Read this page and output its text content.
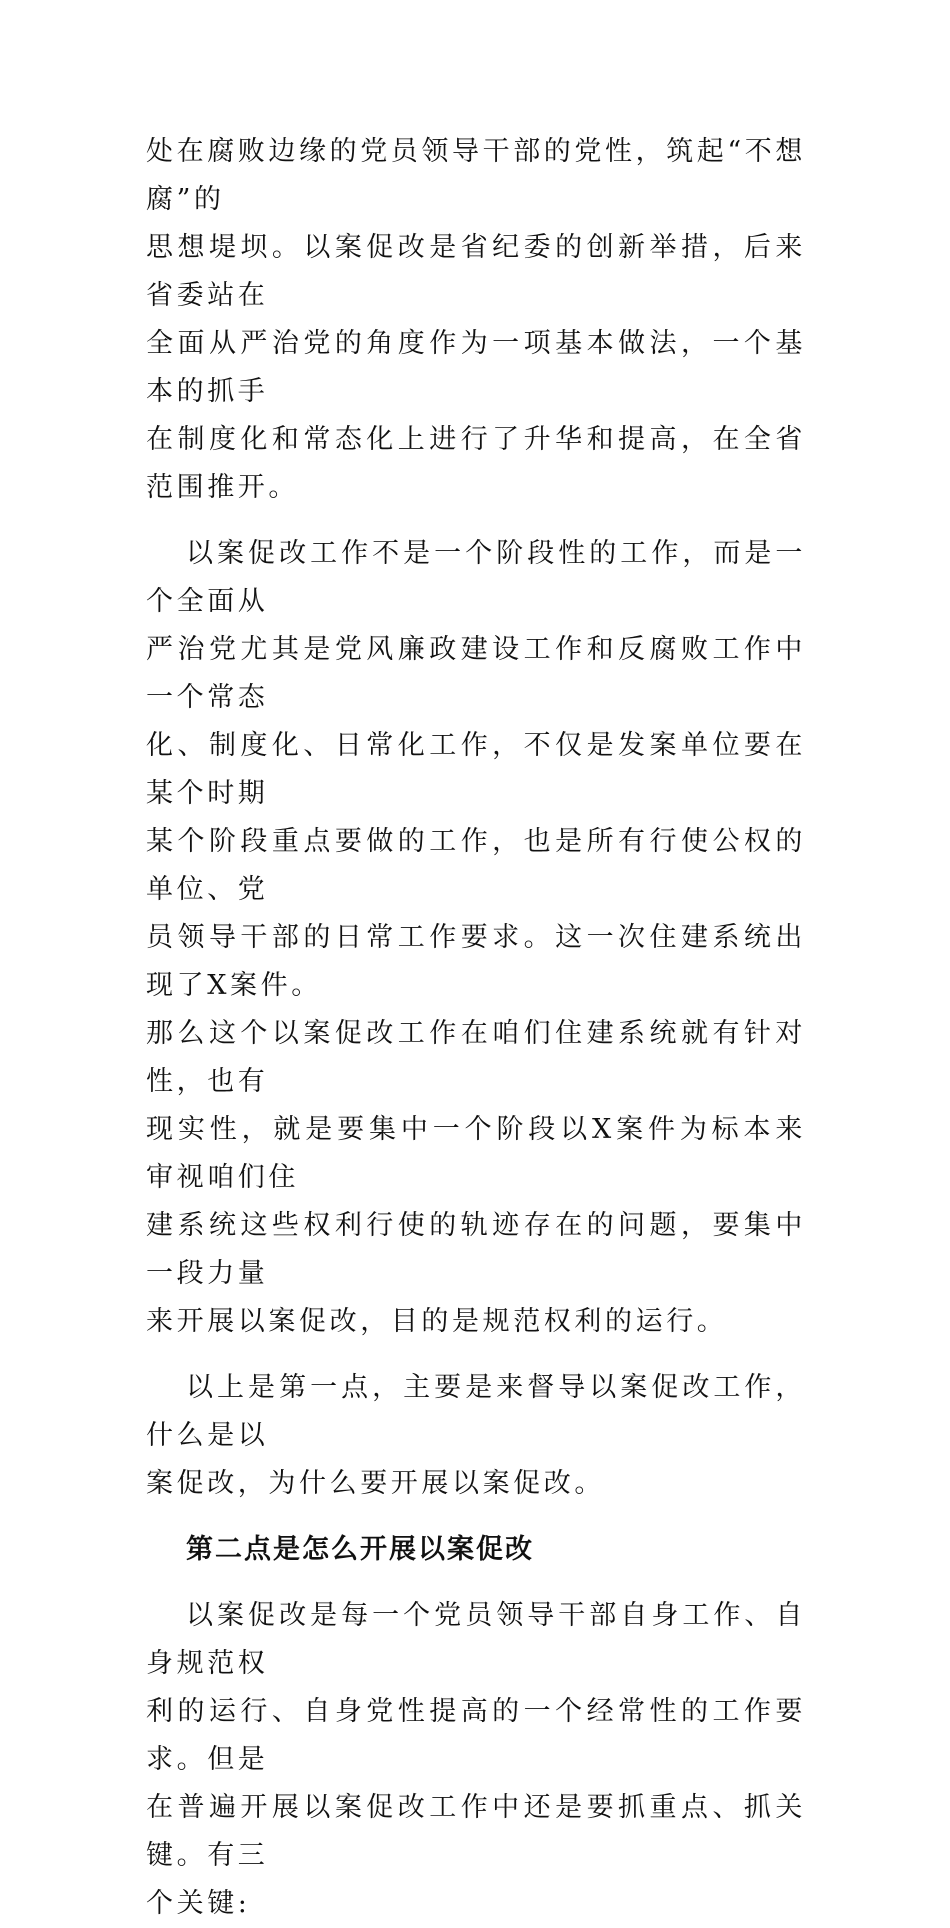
处在腐败边缘的党员领导干部的党性，筑起“不想腐”的
思想堤坝。以案促改是省纪委的创新举措，后来省委站在
全面从严治党的角度作为一项基本做法，一个基本的抓手
在制度化和常态化上进行了升华和提高，在全省范围推开。

以案促改工作不是一个阶段性的工作，而是一个全面从
严治党尤其是党风廉政建设工作和反腐败工作中一个常态
化、制度化、日常化工作，不仅是发案单位要在某个时期
某个阶段重点要做的工作，也是所有行使公权的单位、党
员领导干部的日常工作要求。这一次住建系统出现了X案件。
那么这个以案促改工作在咱们住建系统就有针对性，也有
现实性，就是要集中一个阶段以X案件为标本来审视咱们住
建系统这些权利行使的轨迹存在的问题，要集中一段力量
来开展以案促改，目的是规范权利的运行。

以上是第一点，主要是来督导以案促改工作，什么是以
案促改，为什么要开展以案促改。

第二点是怎么开展以案促改

以案促改是每一个党员领导干部自身工作、自身规范权
利的运行、自身党性提高的一个经常性的工作要求。但是
在普遍开展以案促改工作中还是要抓重点、抓关键。有三
个关键:
